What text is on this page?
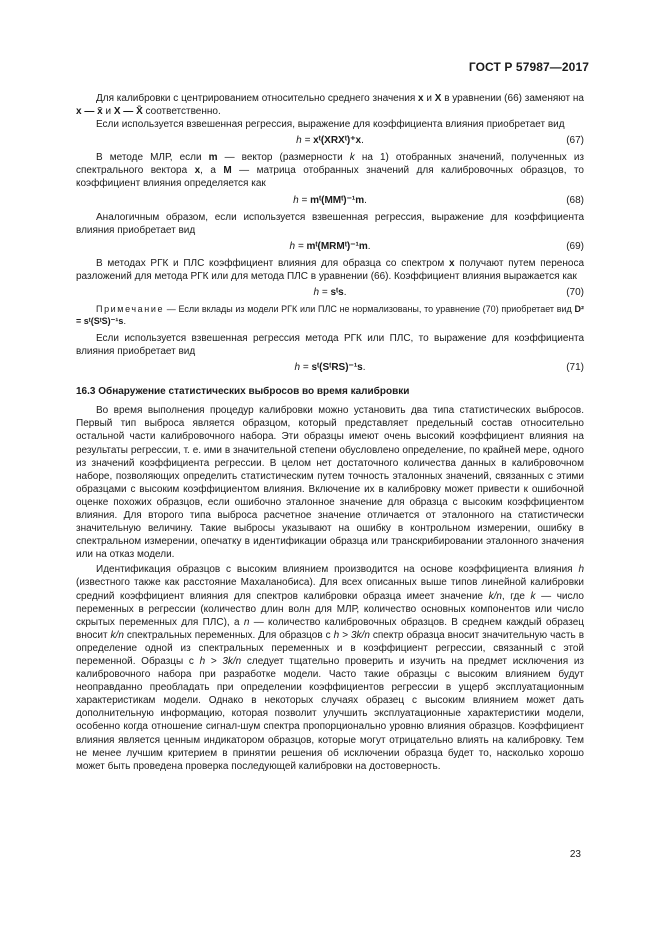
ГОСТ Р 57987—2017

Для калибровки с центрированием относительно среднего значения x и X в уравнении (66) заменяют на x — x̄ и X — X̄ соответственно.

Если используется взвешенная регрессия, выражение для коэффициента влияния приобретает вид

h = xᵗ(XRXᵗ)⁺x.	(67)

В методе МЛР, если m — вектор (размерности k на 1) отобранных значений, полученных из спектрального вектора x, а M — матрица отобранных значений для калибровочных образцов, то коэффициент влияния определяется как

h = mᵗ(MMᵗ)⁻¹m.	(68)

Аналогичным образом, если используется взвешенная регрессия, выражение для коэффициента влияния приобретает вид

h = mᵗ(MRMᵗ)⁻¹m.	(69)

В методах РГК и ПЛС коэффициент влияния для образца со спектром x получают путем переноса разложений для метода РГК или для метода ПЛС в уравнении (66). Коэффициент влияния выражается как

h = sᵗs.	(70)

Примечание — Если вклады из модели РГК или ПЛС не нормализованы, то уравнение (70) приобретает вид D² = sᵗ(SᵗS)⁻¹s.

Если используется взвешенная регрессия метода РГК или ПЛС, то выражение для коэффициента влияния приобретает вид

h = sᵗ(SᵗRS)⁻¹s.	(71)

16.3 Обнаружение статистических выбросов во время калибровки

Во время выполнения процедур калибровки можно установить два типа статистических выбросов. Первый тип выброса является образцом, который представляет предельный состав относительно остальной части калибровочного набора. Эти образцы имеют очень высокий коэффициент влияния на результаты регрессии, т. е. ими в значительной степени обусловлено определение, по крайней мере, одного из значений коэффициента регрессии. В целом нет достаточного количества данных в калибровочном наборе, позволяющих определить статистическим путем точность эталонных значений, связанных с этими образцами с высоким коэффициентом влияния. Включение их в калибровку может привести к ошибочной оценке похожих образцов, если ошибочно эталонное значение для образца с высоким коэффициентом влияния. Для второго типа выброса расчетное значение отличается от эталонного на статистически значительную величину. Такие выбросы указывают на ошибку в контрольном измерении, ошибку в спектральном измерении, опечатку в идентификации образца или транскрибировании эталонного значения или на отказ модели.

Идентификация образцов с высоким влиянием производится на основе коэффициента влияния h (известного также как расстояние Махаланобиса). Для всех описанных выше типов линейной калибровки средний коэффициент влияния для спектров калибровки образца имеет значение k/n, где k — число переменных в регрессии (количество длин волн для МЛР, количество основных компонентов или число скрытых переменных для ПЛС), а n — количество калибровочных образцов. В среднем каждый образец вносит k/n спектральных переменных. Для образцов с h > 3k/n спектр образца вносит значительную часть в определение одной из спектральных переменных и в коэффициент регрессии, связанный с этой переменной. Образцы с h > 3k/n следует тщательно проверить и изучить на предмет исключения из калибровочного набора при разработке модели. Часто такие образцы с высоким влиянием будут неоправданно преобладать при определении коэффициентов регрессии в ущерб эксплуатационным характеристикам модели. Однако в некоторых случаях образец с высоким влиянием может дать дополнительную информацию, которая позволит улучшить эксплуатационные характеристики модели, особенно когда отношение сигнал-шум спектра пропорционально уровню влияния образцов. Коэффициент влияния является ценным индикатором образцов, которые могут отрицательно влиять на калибровку. Тем не менее лучшим критерием в принятии решения об исключении образца будет то, насколько хорошо может быть проведена проверка последующей калибровки на достоверность.

23
